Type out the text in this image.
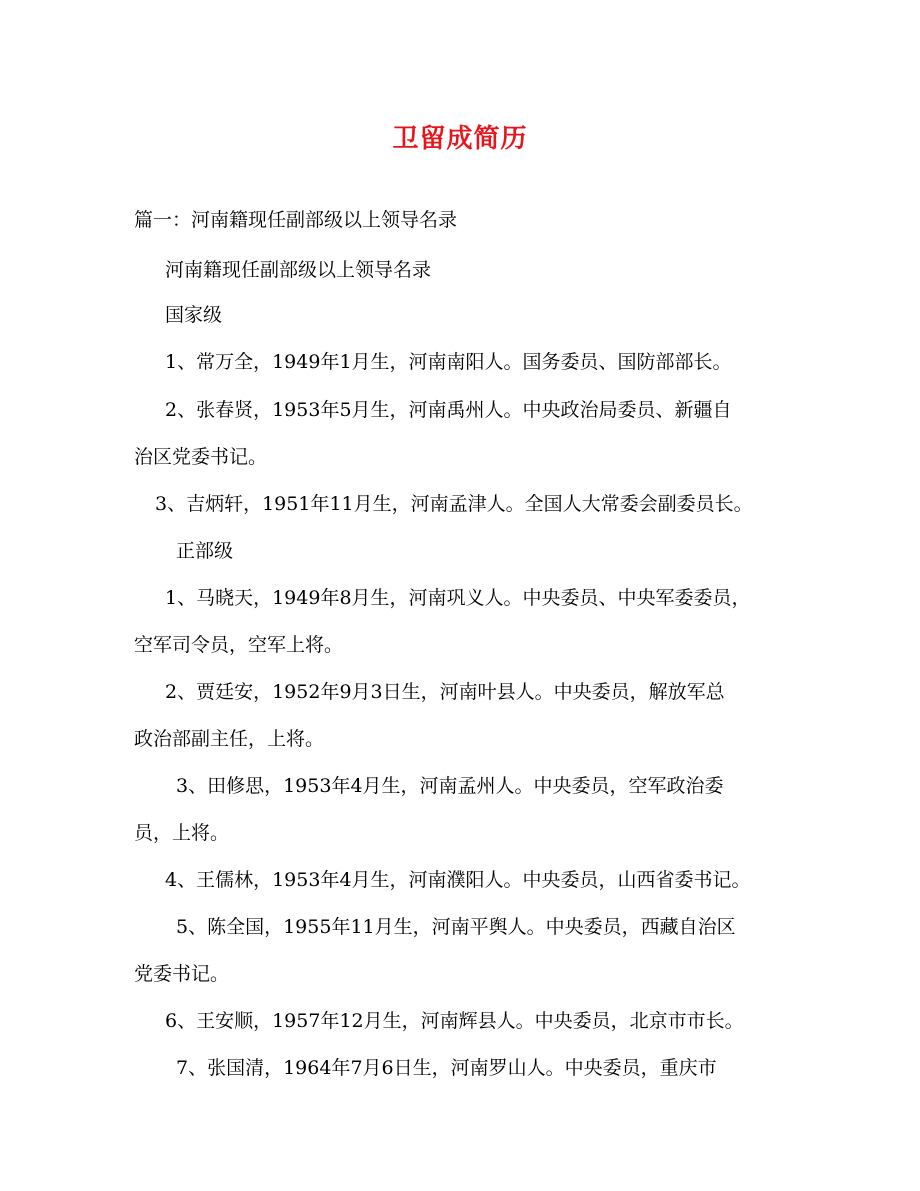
卫留成简历
篇一：河南籍现任副部级以上领导名录
河南籍现任副部级以上领导名录
国家级
1、常万全，1949年1月生，河南南阳人。国务委员、国防部部长。
2、张春贤，1953年5月生，河南禹州人。中央政治局委员、新疆自
治区党委书记。
3、吉炳轩，1951年11月生，河南孟津人。全国人大常委会副委员长。
正部级
1、马晓天，1949年8月生，河南巩义人。中央委员、中央军委委员，
空军司令员，空军上将。
2、贾廷安，1952年9月3日生，河南叶县人。中央委员，解放军总
政治部副主任，上将。
3、田修思，1953年4月生，河南孟州人。中央委员，空军政治委
员，上将。
4、王儒林，1953年4月生，河南濮阳人。中央委员，山西省委书记。
5、陈全国，1955年11月生，河南平舆人。中央委员，西藏自治区
党委书记。
6、王安顺，1957年12月生，河南辉县人。中央委员，北京市市长。
7、张国清，1964年7月6日生，河南罗山人。中央委员，重庆市
